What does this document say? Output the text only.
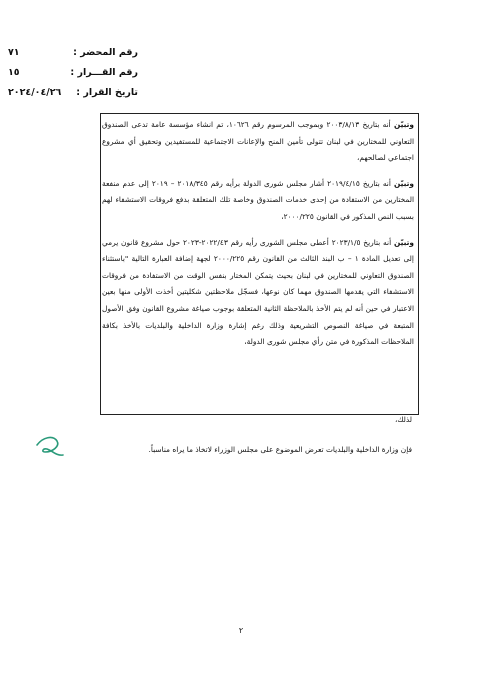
رقم المحضر :
٧١
رقم القـــرار :
١٥
تاريخ القرار :
٢٠٢٤/٠٤/٢٦

وتبيّن أنه بتاريخ ٢٠٠٣/٨/١٣ وبموجب المرسوم رقم ١٠٦٢٦، تم انشاء مؤسسة عامة تدعى الصندوق التعاوني للمختارين في لبنان تتولى تأمين المنح والإعانات الاجتماعية للمستفيدين وتحقيق أي مشروع اجتماعي لصالحهم،

وتبيّن أنه بتاريخ ٢٠١٩/٤/١٥ أشار مجلس شورى الدولة برأيه رقم ٢٠١٨/٣٤٥ – ٢٠١٩ إلى عدم منفعة المختارين من الاستفادة من إحدى خدمات الصندوق وخاصة تلك المتعلقة بدفع فروقات الاستشفاء لهم بسبب النص المذكور في القانون ٢٠٠٠/٢٢٥،

وتبيّن أنه بتاريخ ٢٠٢٣/١/٥ أعطى مجلس الشورى رأيه رقم ٢٠٢٢/٤٣-٢٠٢٣ حول مشروع قانون يرمي إلى تعديل المادة ١ – ب البند الثالث من القانون رقم ٢٠٠٠/٢٢٥ لجهة إضافة العبارة التالية "باستثناء الصندوق التعاوني للمختارين في لبنان بحيث يتمكن المختار بنفس الوقت من الاستفادة من فروقات الاستشفاء التي يقدمها الصندوق مهما كان نوعها، فسجّل ملاحظتين شكليتين أخذت الأولى منها بعين الاعتبار في حين أنه لم يتم الأخذ بالملاحظة الثانية المتعلقة بوجوب صياغة مشروع القانون وفق الأصول المتبعة في صياغة النصوص التشريعية وذلك رغم إشارة وزارة الداخلية والبلديات بالأخذ بكافة الملاحظات المذكورة في متن رأي مجلس شورى الدولة،

لذلك،

فإن وزارة الداخلية والبلديات تعرض الموضوع على مجلس الوزراء لاتخاذ ما يراه مناسباً.

٢
